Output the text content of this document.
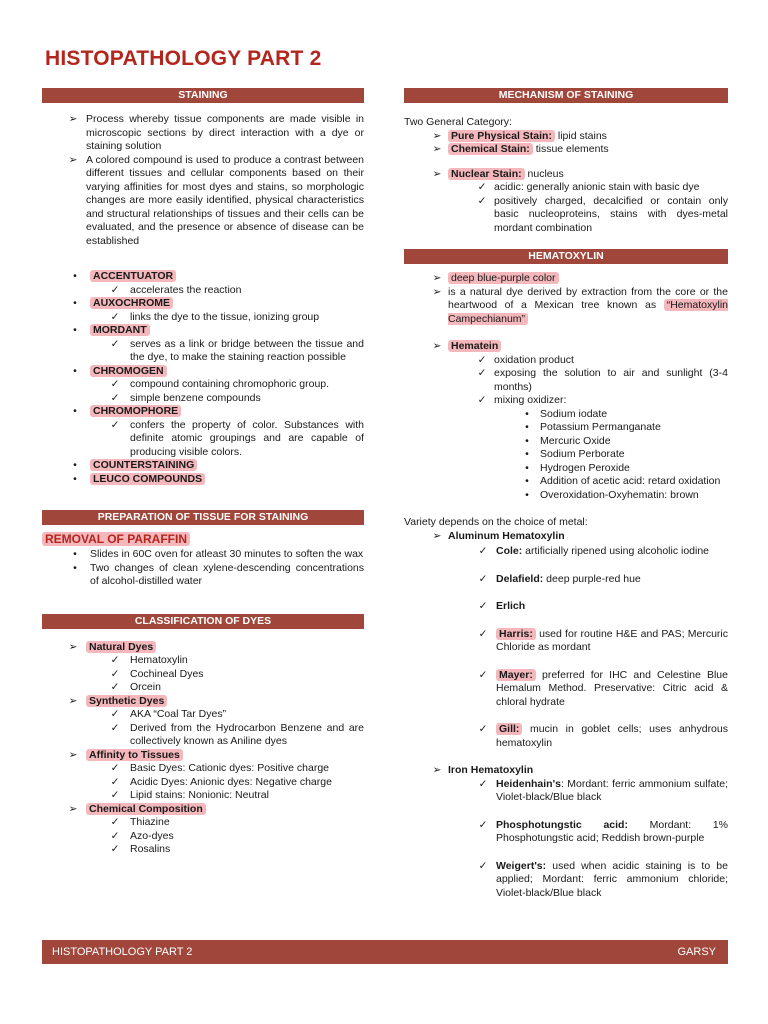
HISTOPATHOLOGY PART 2
STAINING
➢ Process whereby tissue components are made visible in microscopic sections by direct interaction with a dye or staining solution
➢ A colored compound is used to produce a contrast between different tissues and cellular components based on their varying affinities for most dyes and stains, so morphologic changes are more easily identified, physical characteristics and structural relationships of tissues and their cells can be evaluated, and the presence or absence of disease can be established
•	ACCENTUATOR
✓	accelerates the reaction
•	AUXOCHROME
✓	links the dye to the tissue, ionizing group
•	MORDANT
✓	serves as a link or bridge between the tissue and the dye, to make the staining reaction possible
•	CHROMOGEN
✓	compound containing chromophoric group.
✓	simple benzene compounds
•	CHROMOPHORE
✓	confers the property of color. Substances with definite atomic groupings and are capable of producing visible colors.
•	COUNTERSTAINING
•	LEUCO COMPOUNDS
PREPARATION OF TISSUE FOR STAINING
REMOVAL OF PARAFFIN
•	Slides in 60C oven for atleast 30 minutes to soften the wax
•	Two changes of clean xylene-descending concentrations of alcohol-distilled water
CLASSIFICATION OF DYES
➢	Natural Dyes
✓	Hematoxylin
✓	Cochineal Dyes
✓	Orcein
➢	Synthetic Dyes
✓	AKA “Coal Tar Dyes”
✓	Derived from the Hydrocarbon Benzene and are collectively known as Aniline dyes
➢	Affinity to Tissues
✓	Basic Dyes: Cationic dyes: Positive charge
✓	Acidic Dyes: Anionic dyes: Negative charge
✓	Lipid stains: Nonionic: Neutral
➢	Chemical Composition
✓	Thiazine
✓	Azo-dyes
✓	Rosalins
MECHANISM OF STAINING
Two General Category:
➢ Pure Physical Stain: lipid stains
➢ Chemical Stain: tissue elements
➢ Nuclear Stain: nucleus
✓ acidic: generally anionic stain with basic dye
✓ positively charged, decalcified or contain only basic nucleoproteins, stains with dyes-metal mordant combination
HEMATOXYLIN
➢ deep blue-purple color
➢ is a natural dye derived by extraction from the core or the heartwood of a Mexican tree known as “Hematoxylin Campechianum”
➢ Hematein
✓ oxidation product
✓ exposing the solution to air and sunlight (3-4 months)
✓ mixing oxidizer:
•	Sodium iodate
•	Potassium Permanganate
•	Mercuric Oxide
•	Sodium Perborate
•	Hydrogen Peroxide
•	Addition of acetic acid: retard oxidation
•	Overoxidation-Oxyhematin: brown
Variety depends on the choice of metal:
➢ Aluminum Hematoxylin
✓ Cole: artificially ripened using alcoholic iodine
✓ Delafield: deep purple-red hue
✓ Erlich
✓	Harris: used for routine H&E and PAS; Mercuric Chloride as mordant
✓	Mayer: preferred for IHC and Celestine Blue Hemalum Method. Preservative: Citric acid & chloral hydrate
✓	Gill: mucin in goblet cells; uses anhydrous hematoxylin
➢ Iron Hematoxylin
✓ Heidenhain's: Mordant: ferric ammonium sulfate; Violet-black/Blue black
✓ Phosphotungstic acid: Mordant: 1% Phosphotungstic acid; Reddish brown-purple
✓ Weigert's: used when acidic staining is to be applied; Mordant: ferric ammonium chloride; Violet-black/Blue black
HISTOPATHOLOGY PART 2	GARSY
